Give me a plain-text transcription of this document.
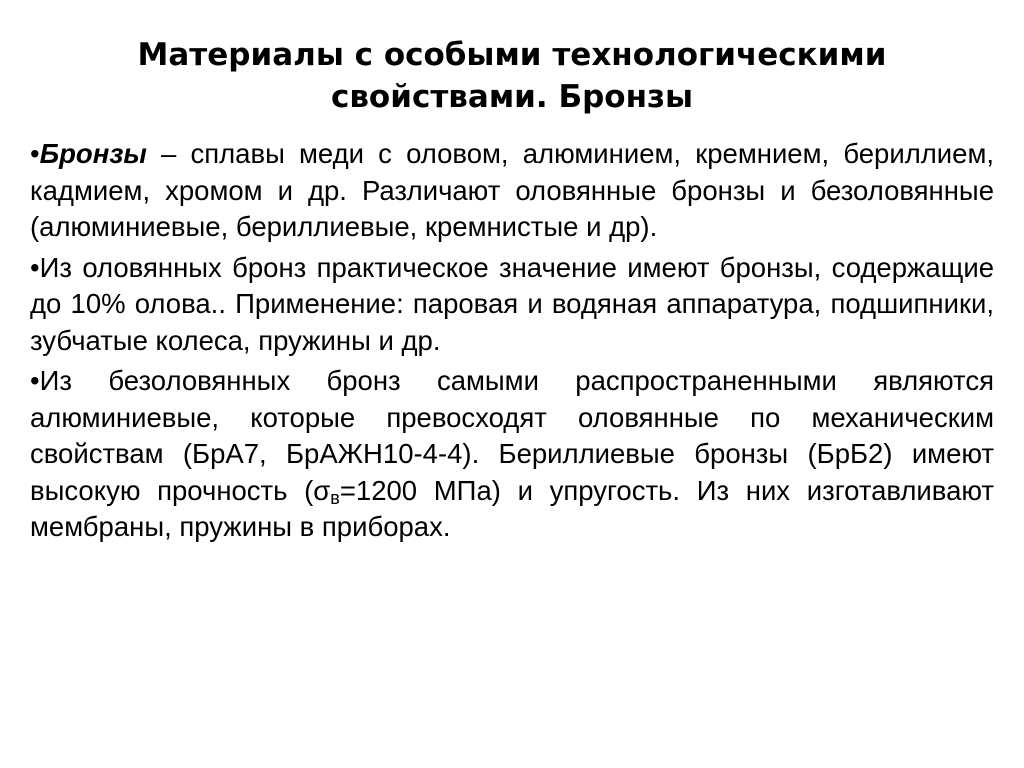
Материалы с особыми технологическими свойствами. Бронзы

•Бронзы – сплавы меди с оловом, алюминием, кремнием, бериллием, кадмием, хромом и др. Различают оловянные бронзы и безоловянные (алюминиевые, бериллиевые, кремнистые и др).

•Из оловянных бронз практическое значение имеют бронзы, содержащие до 10% олова.. Применение: паровая и водяная аппаратура, подшипники, зубчатые колеса, пружины и др.

•Из безоловянных бронз самыми распространенными являются алюминиевые, которые превосходят оловянные по механическим свойствам (БрА7, БрАЖН10-4-4). Бериллиевые бронзы (БрБ2) имеют высокую прочность ($\sigma_в=1200$ МПа) и упругость. Из них изготавливают мембраны, пружины в приборах.
